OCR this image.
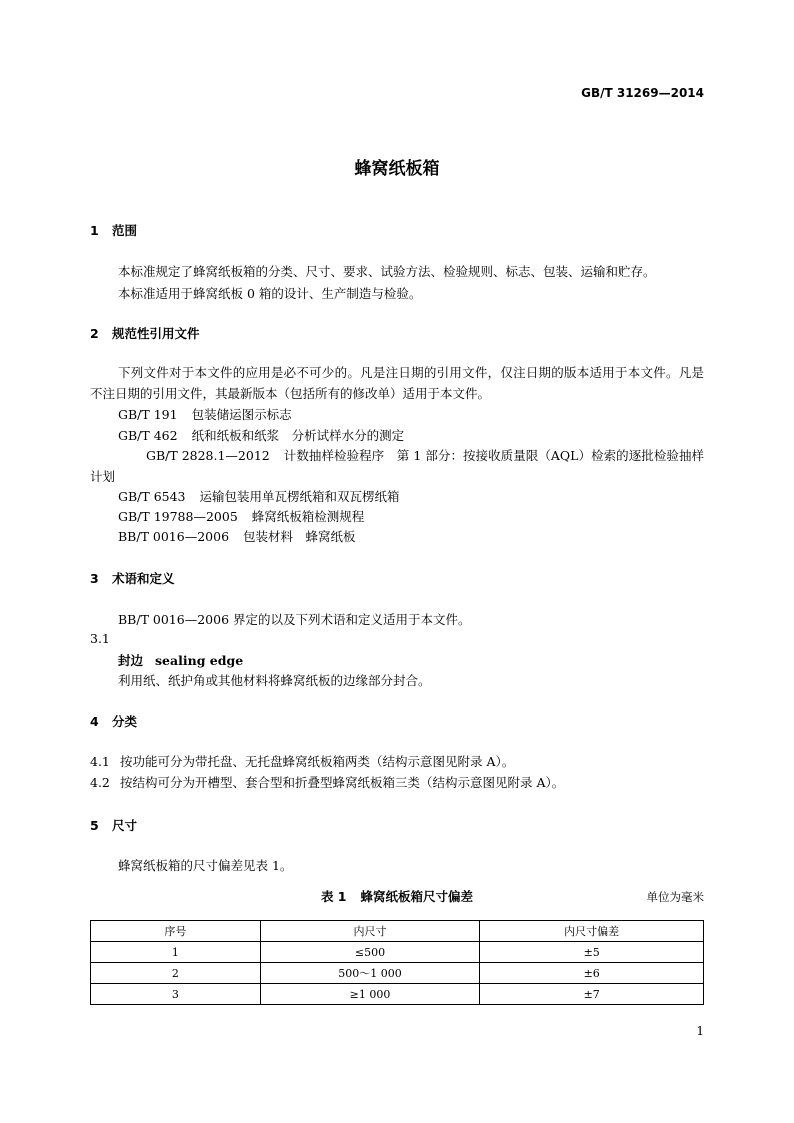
GB/T 31269—2014
蜂窝纸板箱
1 范围
本标准规定了蜂窝纸板箱的分类、尺寸、要求、试验方法、检验规则、标志、包装、运输和贮存。
本标准适用于蜂窝纸板 0 箱的设计、生产制造与检验。
2 规范性引用文件
下列文件对于本文件的应用是必不可少的。凡是注日期的引用文件，仅注日期的版本适用于本文件。凡是不注日期的引用文件，其最新版本（包括所有的修改单）适用于本文件。
GB/T 191 包装储运图示标志
GB/T 462 纸和纸板和纸浆　分析试样水分的测定
GB/T 2828.1—2012 计数抽样检验程序　第 1 部分：按接收质量限（AQL）检索的逐批检验抽样计划
GB/T 6543 运输包装用单瓦楞纸箱和双瓦楞纸箱
GB/T 19788—2005 蜂窝纸板箱检测规程
BB/T 0016—2006 包装材料　蜂窝纸板
3 术语和定义
BB/T 0016—2006 界定的以及下列术语和定义适用于本文件。
3.1
封边 sealing edge
利用纸、纸护角或其他材料将蜂窝纸板的边缘部分封合。
4 分类
4.1 按功能可分为带托盘、无托盘蜂窝纸板箱两类（结构示意图见附录 A）。
4.2 按结构可分为开槽型、套合型和折叠型蜂窝纸板箱三类（结构示意图见附录 A）。
5 尺寸
蜂窝纸板箱的尺寸偏差见表 1。
表 1 蜂窝纸板箱尺寸偏差	单位为毫米
序号	内尺寸	内尺寸偏差
1	≤500	±5
2	500～1 000	±6
3	≥1 000	±7
1
